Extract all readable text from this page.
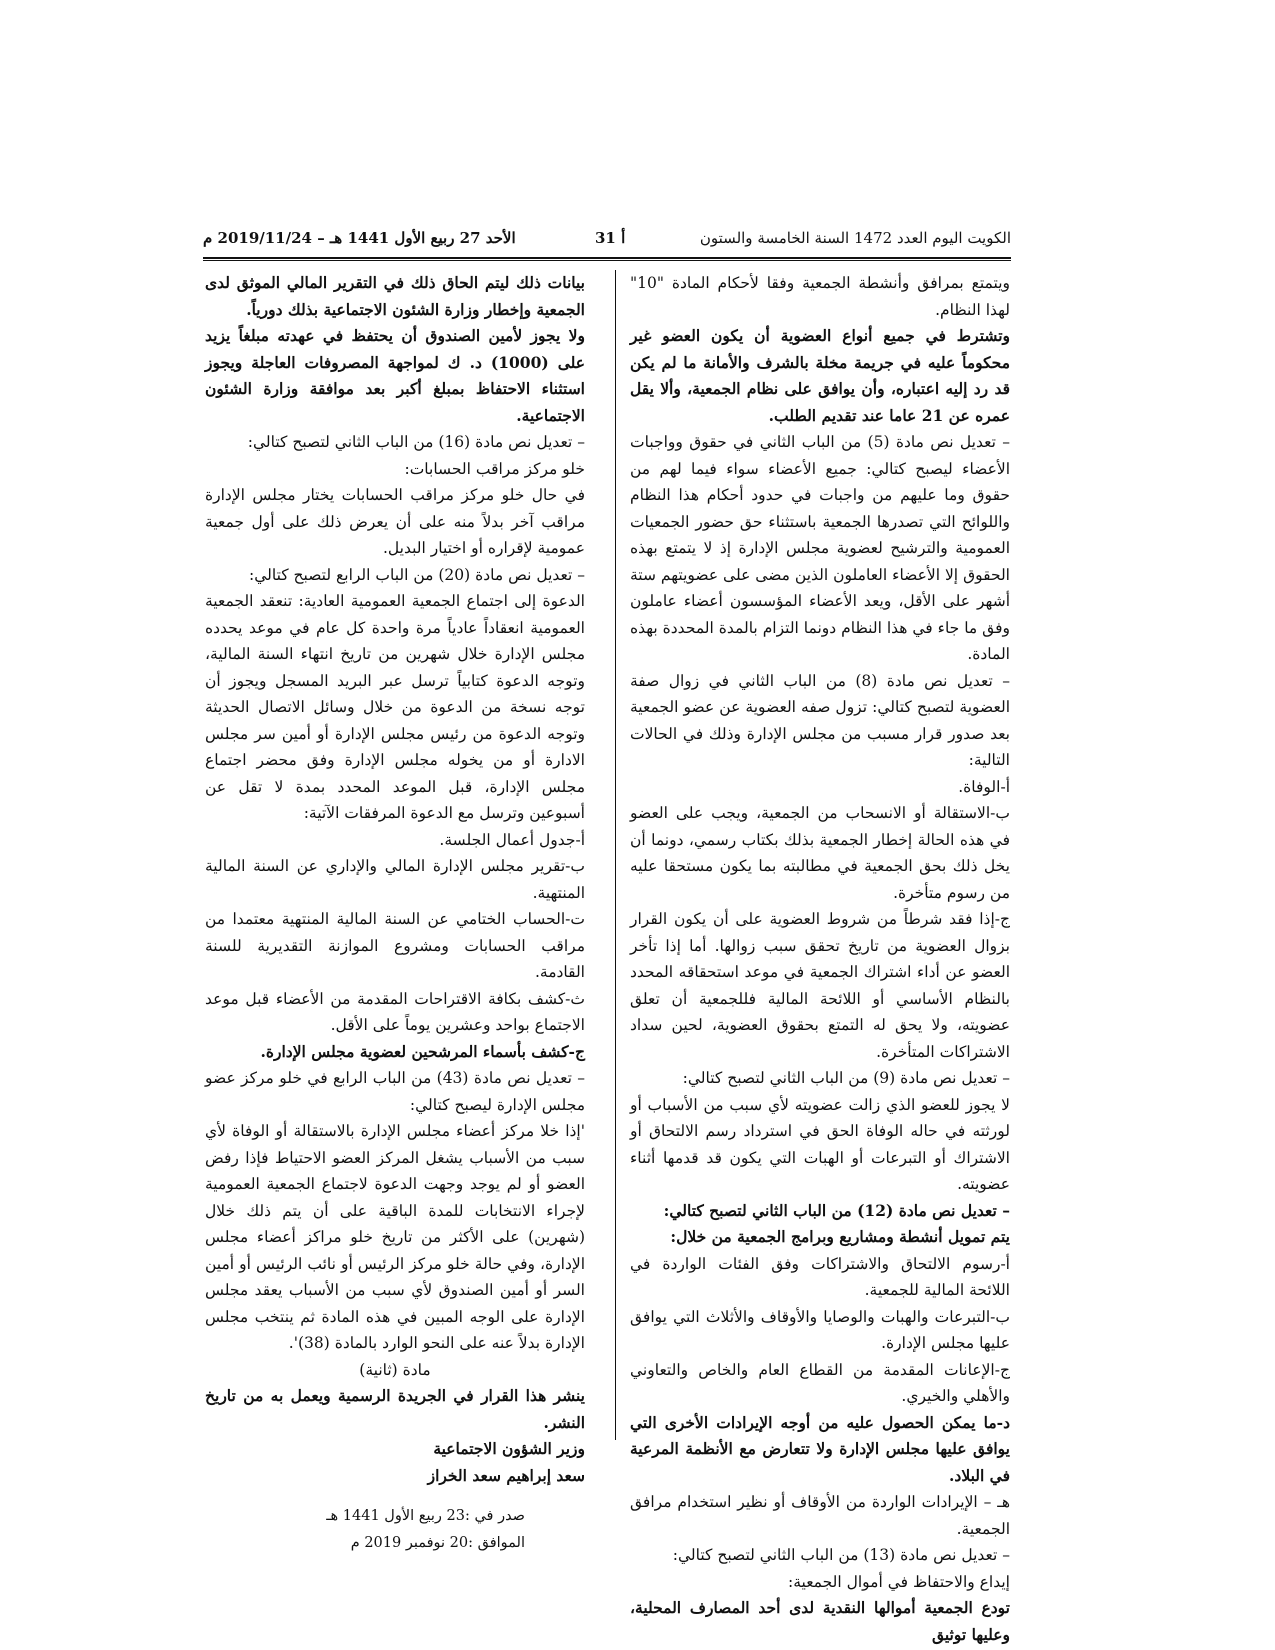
الكويت اليوم العدد 1472 السنة الخامسة والستون
أ 31
الأحد 27 ربيع الأول 1441 هـ – 2019/11/24 م

ويتمتع بمرافق وأنشطة الجمعية وفقا لأحكام المادة "10" لهذا النظام.

وتشترط في جميع أنواع العضوية أن يكون العضو غير محكوماً عليه في جريمة مخلة بالشرف والأمانة ما لم يكن قد رد إليه اعتباره، وأن يوافق على نظام الجمعية، وألا يقل عمره عن 21 عاما عند تقديم الطلب.

– تعديل نص مادة (5) من الباب الثاني في حقوق وواجبات الأعضاء ليصبح كتالي: جميع الأعضاء سواء فيما لهم من حقوق وما عليهم من واجبات في حدود أحكام هذا النظام واللوائح التي تصدرها الجمعية باستثناء حق حضور الجمعيات العمومية والترشيح لعضوية مجلس الإدارة إذ لا يتمتع بهذه الحقوق إلا الأعضاء العاملون الذين مضى على عضويتهم ستة أشهر على الأقل، ويعد الأعضاء المؤسسون أعضاء عاملون وفق ما جاء في هذا النظام دونما التزام بالمدة المحددة بهذه المادة.

– تعديل نص مادة (8) من الباب الثاني في زوال صفة العضوية لتصبح كتالي: تزول صفه العضوية عن عضو الجمعية بعد صدور قرار مسبب من مجلس الإدارة وذلك في الحالات التالية:

أ-الوفاة.

ب-الاستقالة أو الانسحاب من الجمعية، ويجب على العضو في هذه الحالة إخطار الجمعية بذلك بكتاب رسمي، دونما أن يخل ذلك بحق الجمعية في مطالبته بما يكون مستحقا عليه من رسوم متأخرة.

ج-إذا فقد شرطاً من شروط العضوية على أن يكون القرار بزوال العضوية من تاريخ تحقق سبب زوالها. أما إذا تأخر العضو عن أداء اشتراك الجمعية في موعد استحقاقه المحدد بالنظام الأساسي أو اللائحة المالية فللجمعية أن تعلق عضويته، ولا يحق له التمتع بحقوق العضوية، لحين سداد الاشتراكات المتأخرة.

– تعديل نص مادة (9) من الباب الثاني لتصبح كتالي:

لا يجوز للعضو الذي زالت عضويته لأي سبب من الأسباب أو لورثته في حاله الوفاة الحق في استرداد رسم الالتحاق أو الاشتراك أو التبرعات أو الهبات التي يكون قد قدمها أثناء عضويته.

– تعديل نص مادة (12) من الباب الثاني لتصبح كتالي:

يتم تمويل أنشطة ومشاريع وبرامج الجمعية من خلال:

أ-رسوم الالتحاق والاشتراكات وفق الفئات الواردة في اللائحة المالية للجمعية.

ب-التبرعات والهبات والوصايا والأوقاف والأثلاث التي يوافق عليها مجلس الإدارة.

ج-الإعانات المقدمة من القطاع العام والخاص والتعاوني والأهلي والخيري.

د-ما يمكن الحصول عليه من أوجه الإيرادات الأخرى التي يوافق عليها مجلس الإدارة ولا تتعارض مع الأنظمة المرعية في البلاد.

هـ – الإيرادات الواردة من الأوقاف أو نظير استخدام مرافق الجمعية.

– تعديل نص مادة (13) من الباب الثاني لتصبح كتالي:

إيداع والاحتفاظ في أموال الجمعية:

تودع الجمعية أموالها النقدية لدى أحد المصارف المحلية، وعليها توثيق

بيانات ذلك ليتم الحاق ذلك في التقرير المالي الموثق لدى الجمعية وإخطار وزارة الشئون الاجتماعية بذلك دورياً.

ولا يجوز لأمين الصندوق أن يحتفظ في عهدته مبلغاً يزيد على (1000) د. ك لمواجهة المصروفات العاجلة ويجوز استثناء الاحتفاظ بمبلغ أكبر بعد موافقة وزارة الشئون الاجتماعية.

– تعديل نص مادة (16) من الباب الثاني لتصبح كتالي:

خلو مركز مراقب الحسابات:

في حال خلو مركز مراقب الحسابات يختار مجلس الإدارة مراقب آخر بدلاً منه على أن يعرض ذلك على أول جمعية عمومية لإقراره أو اختيار البديل.

– تعديل نص مادة (20) من الباب الرابع لتصبح كتالي:

الدعوة إلى اجتماع الجمعية العمومية العادية: تنعقد الجمعية العمومية انعقاداً عادياً مرة واحدة كل عام في موعد يحدده مجلس الإدارة خلال شهرين من تاريخ انتهاء السنة المالية، وتوجه الدعوة كتابياً ترسل عبر البريد المسجل ويجوز أن توجه نسخة من الدعوة من خلال وسائل الاتصال الحديثة وتوجه الدعوة من رئيس مجلس الإدارة أو أمين سر مجلس الادارة أو من يخوله مجلس الإدارة وفق محضر اجتماع مجلس الإدارة، قبل الموعد المحدد بمدة لا تقل عن أسبوعين وترسل مع الدعوة المرفقات الآتية:

أ-جدول أعمال الجلسة.

ب-تقرير مجلس الإدارة المالي والإداري عن السنة المالية المنتهية.

ت-الحساب الختامي عن السنة المالية المنتهية معتمدا من مراقب الحسابات ومشروع الموازنة التقديرية للسنة القادمة.

ث-كشف بكافة الاقتراحات المقدمة من الأعضاء قبل موعد الاجتماع بواحد وعشرين يوماً على الأقل.

ج-كشف بأسماء المرشحين لعضوية مجلس الإدارة.

– تعديل نص مادة (43) من الباب الرابع في خلو مركز عضو مجلس الإدارة ليصبح كتالي:

'إذا خلا مركز أعضاء مجلس الإدارة بالاستقالة أو الوفاة لأي سبب من الأسباب يشغل المركز العضو الاحتياط فإذا رفض العضو أو لم يوجد وجهت الدعوة لاجتماع الجمعية العمومية لإجراء الانتخابات للمدة الباقية على أن يتم ذلك خلال (شهرين) على الأكثر من تاريخ خلو مراكز أعضاء مجلس الإدارة، وفي حالة خلو مركز الرئيس أو نائب الرئيس أو أمين السر أو أمين الصندوق لأي سبب من الأسباب يعقد مجلس الإدارة على الوجه المبين في هذه المادة ثم ينتخب مجلس الإدارة بدلاً عنه على النحو الوارد بالمادة (38)'.

مادة (ثانية)

ينشر هذا القرار في الجريدة الرسمية ويعمل به من تاريخ النشر.

وزير الشؤون الاجتماعية

سعد إبراهيم سعد الخراز

صدر في :23 ربيع الأول 1441 هـ

الموافق :20 نوفمبر 2019 م
